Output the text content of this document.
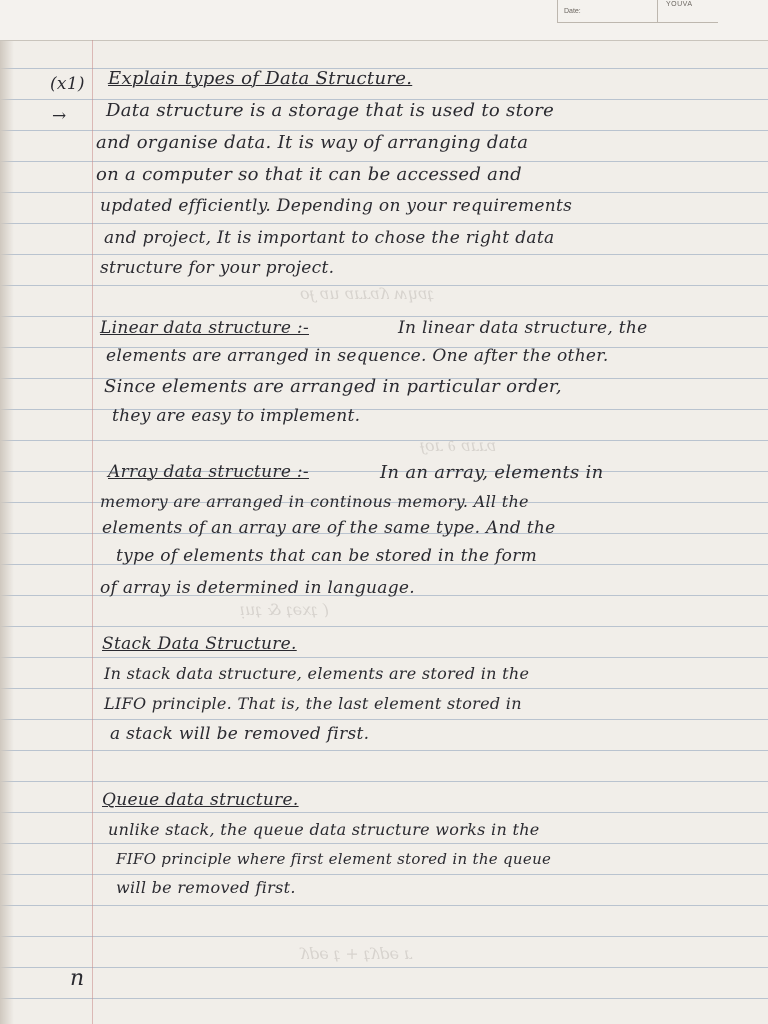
Date:
YOUVA
ʇɐɥʍ ʎɐɹɹɐ uɐ ɟo
ɐɹɹɐ ∂ ɹoɟ
( ʇxǝʇ & ʇuᴉ
ɹ ǝdʎʇ + ʇ ǝdʎ
(x1) Explain types of Data Structure.
→ Data structure is a storage that is used to store
and organise data. It is way of arranging data
on a computer so that it can be accessed and
updated efficiently. Depending on your requirements
and project, It is important to chose the right data
structure for your project.
Linear data structure :-	In linear data structure, the
elements are arranged in sequence. One after the other.
Since elements are arranged in particular order,
they are easy to implement.
Array data structure :-	In an array, elements in
memory are arranged in continous memory. All the
elements of an array are of the same type. And the
type of elements that can be stored in the form
of array is determined in language.
Stack Data Structure.
In stack data structure, elements are stored in the
LIFO principle. That is, the last element stored in
a stack will be removed first.
Queue data structure.
unlike stack, the queue data structure works in the
FIFO principle where first element stored in the queue
will be removed first.
n
